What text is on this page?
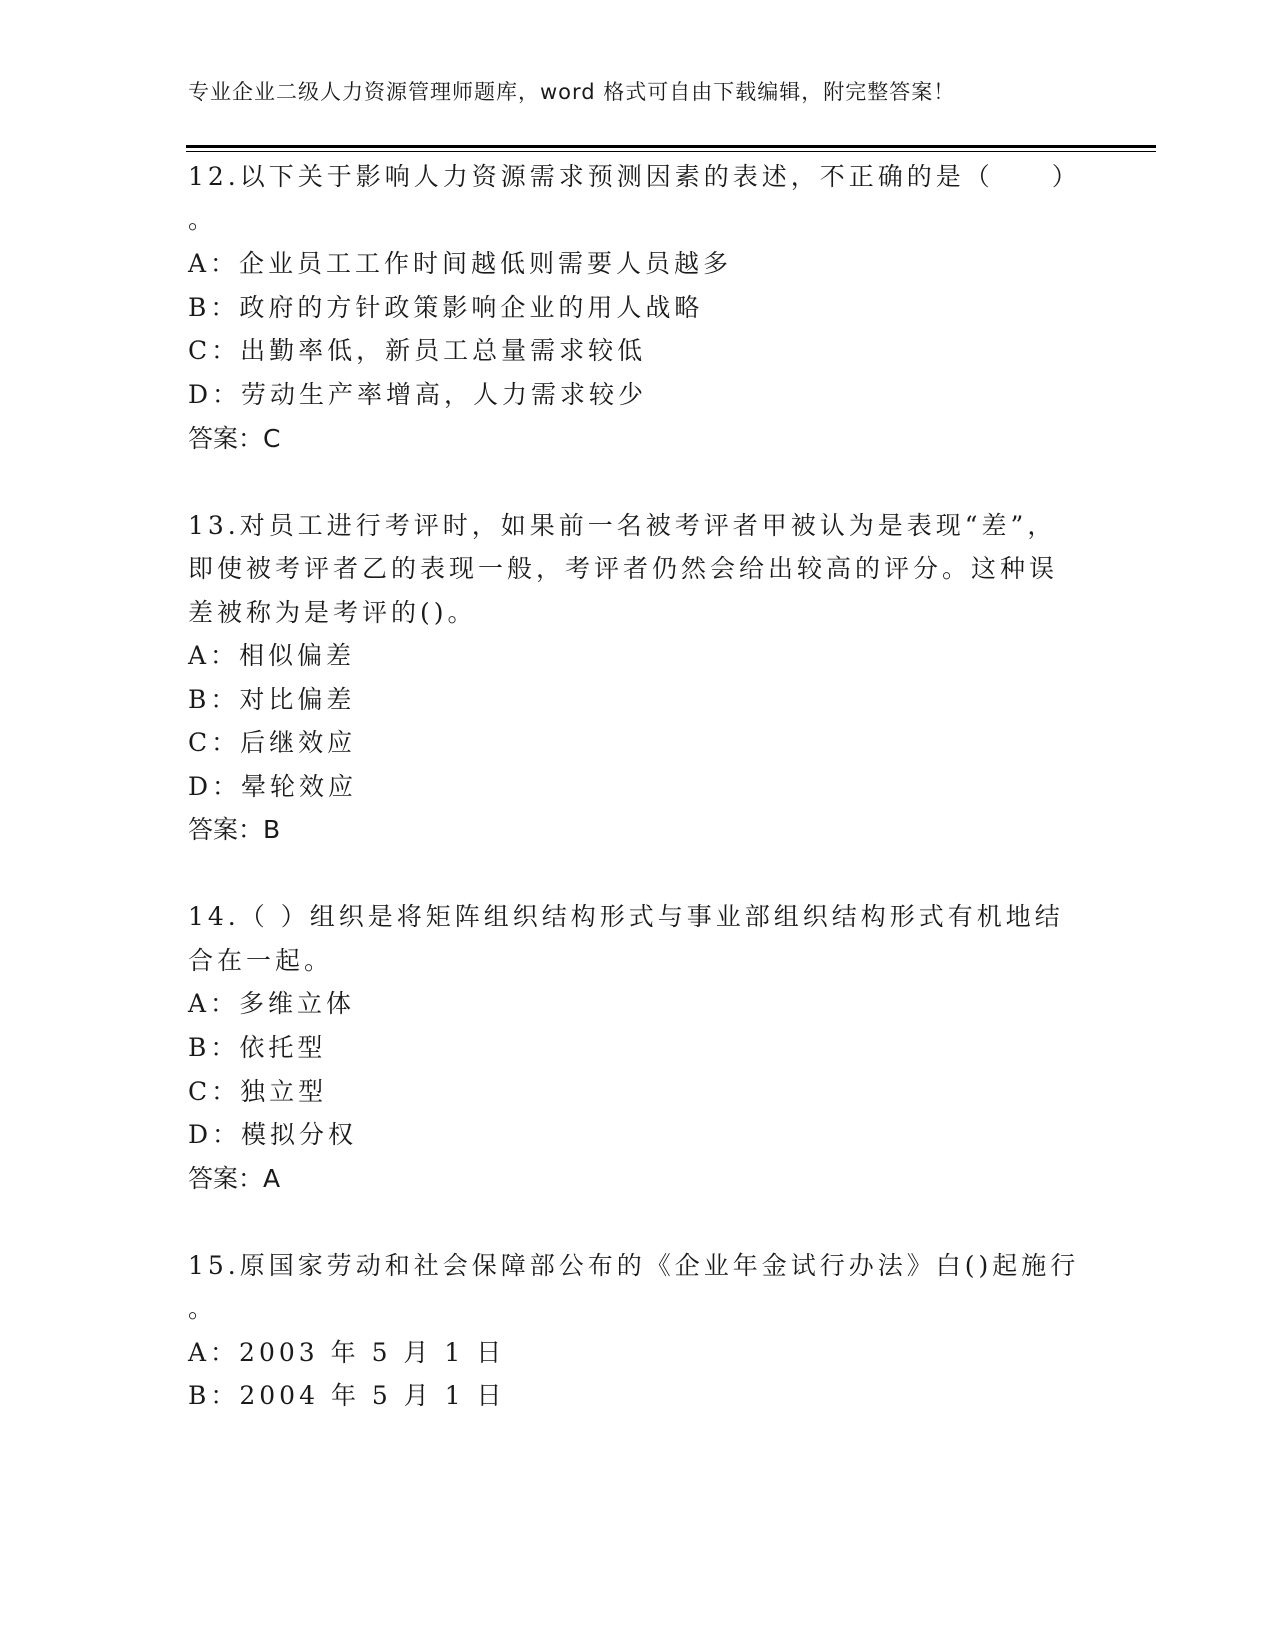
专业企业二级人力资源管理师题库，word 格式可自由下载编辑，附完整答案！
12.以下关于影响人力资源需求预测因素的表述，不正确的是（　　）
。
A：企业员工工作时间越低则需要人员越多
B：政府的方针政策影响企业的用人战略
C：出勤率低，新员工总量需求较低
D：劳动生产率增高，人力需求较少
答案：C
13.对员工进行考评时，如果前一名被考评者甲被认为是表现“差”，
即使被考评者乙的表现一般，考评者仍然会给出较高的评分。这种误
差被称为是考评的()。
A：相似偏差
B：对比偏差
C：后继效应
D：晕轮效应
答案：B
14.（ ）组织是将矩阵组织结构形式与事业部组织结构形式有机地结
合在一起。
A：多维立体
B：依托型
C：独立型
D：模拟分权
答案：A
15.原国家劳动和社会保障部公布的《企业年金试行办法》白()起施行
。
A：2003 年 5 月 1 日
B：2004 年 5 月 1 日
